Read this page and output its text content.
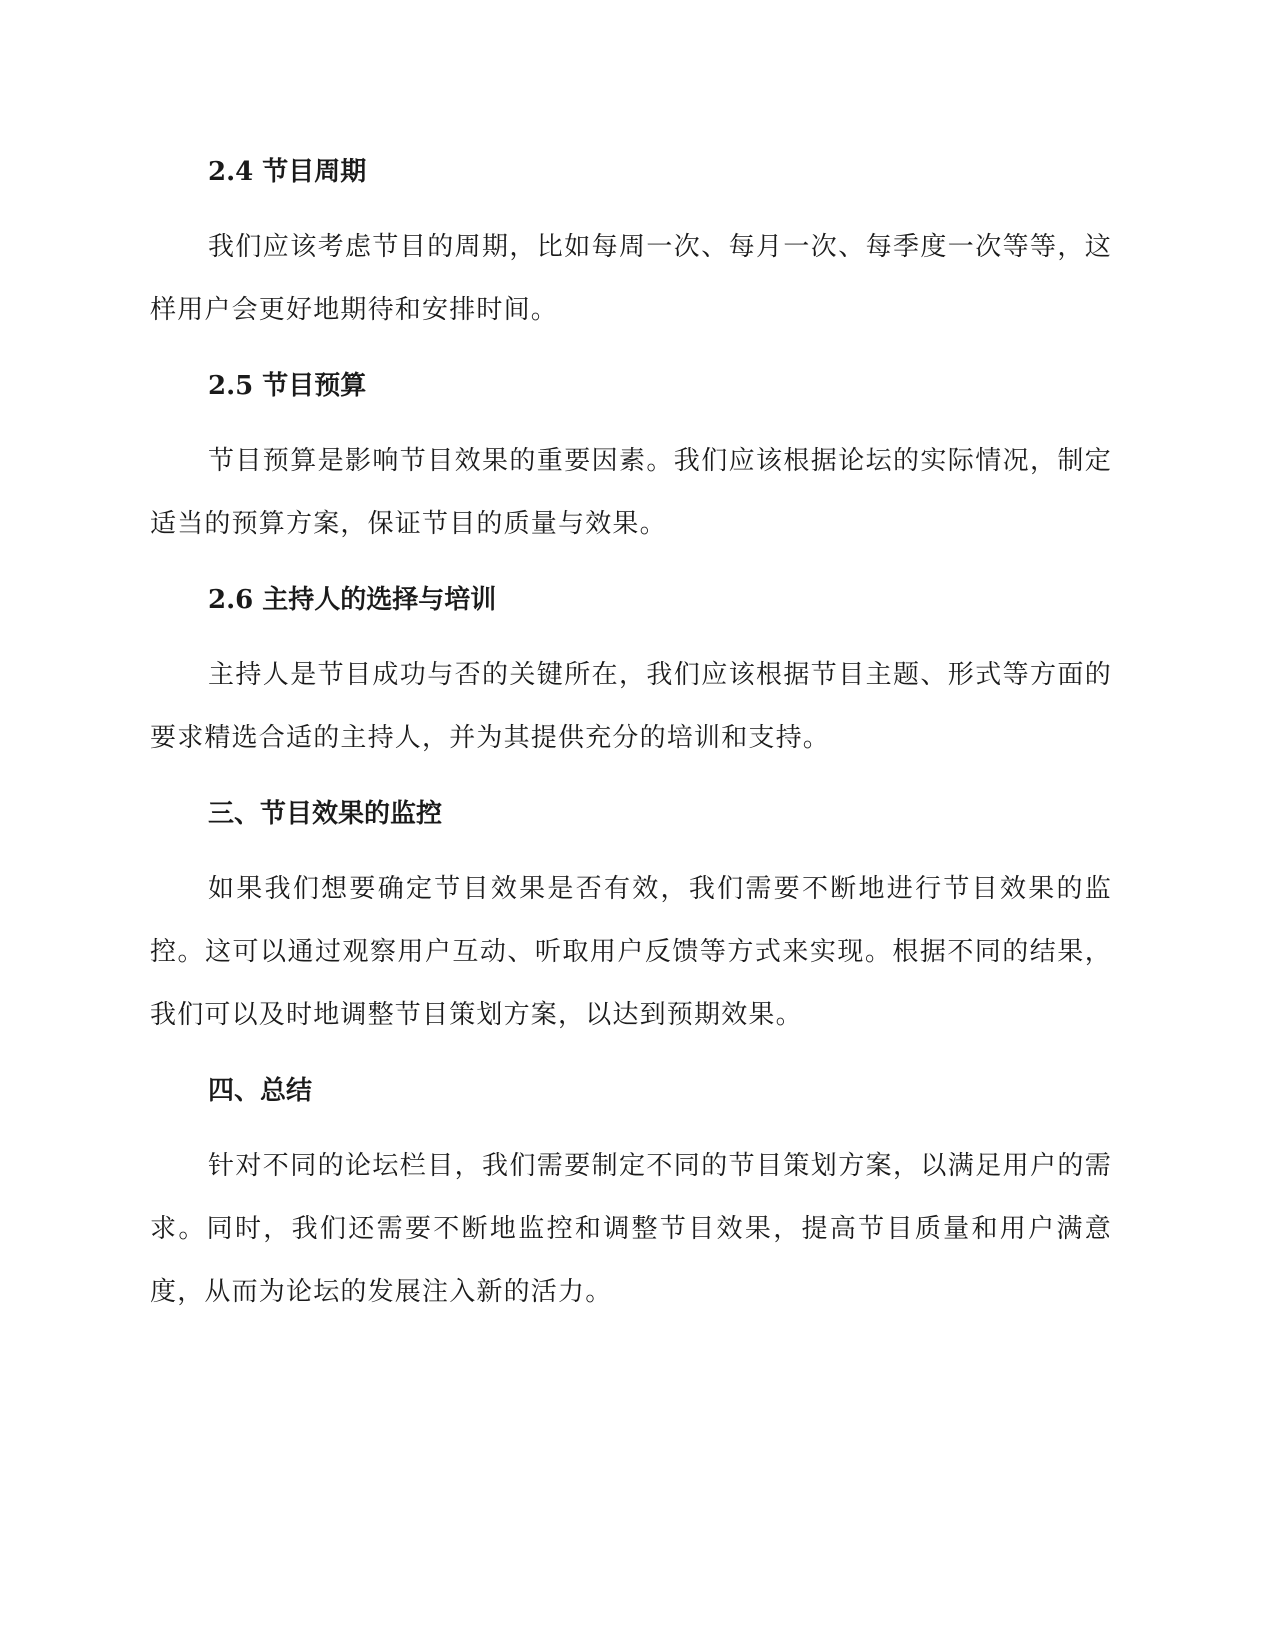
2.4 节目周期

我们应该考虑节目的周期，比如每周一次、每月一次、每季度一次等等，这样用户会更好地期待和安排时间。

2.5 节目预算

节目预算是影响节目效果的重要因素。我们应该根据论坛的实际情况，制定适当的预算方案，保证节目的质量与效果。

2.6 主持人的选择与培训

主持人是节目成功与否的关键所在，我们应该根据节目主题、形式等方面的要求精选合适的主持人，并为其提供充分的培训和支持。

三、节目效果的监控

如果我们想要确定节目效果是否有效，我们需要不断地进行节目效果的监控。这可以通过观察用户互动、听取用户反馈等方式来实现。根据不同的结果，我们可以及时地调整节目策划方案，以达到预期效果。

四、总结

针对不同的论坛栏目，我们需要制定不同的节目策划方案，以满足用户的需求。同时，我们还需要不断地监控和调整节目效果，提高节目质量和用户满意度，从而为论坛的发展注入新的活力。
